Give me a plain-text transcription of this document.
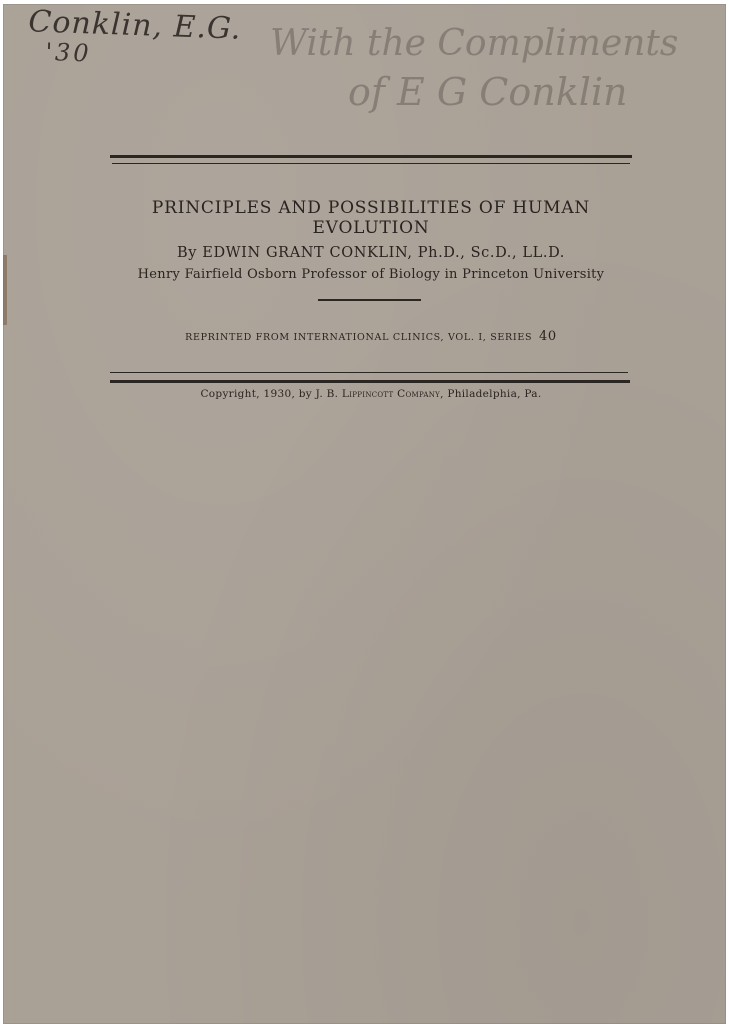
Conklin, E.G.
'30	With the Compliments
of E G Conklin
PRINCIPLES AND POSSIBILITIES OF HUMAN
EVOLUTION
By EDWIN GRANT CONKLIN, Ph.D., Sc.D., LL.D.
Henry Fairfield Osborn Professor of Biology in Princeton University
REPRINTED FROM INTERNATIONAL CLINICS, VOL. I, SERIES 40
Copyright, 1930, by J. B. Lippincott Company, Philadelphia, Pa.
